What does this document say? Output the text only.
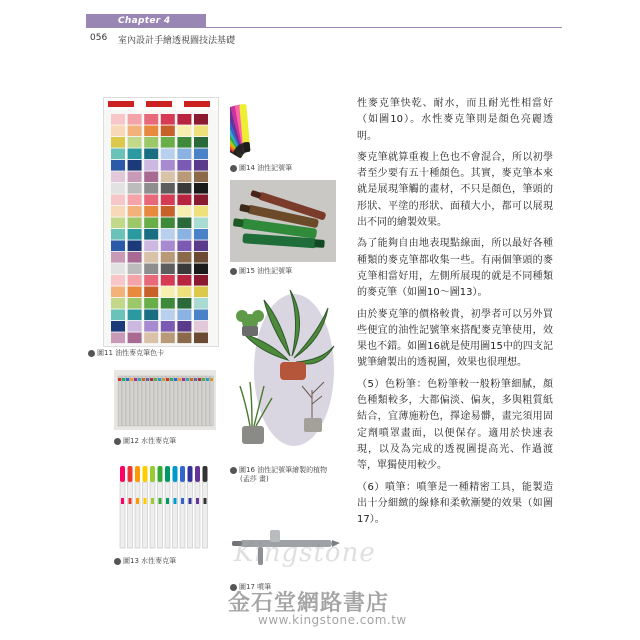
Chapter 4
056 室內設計手繪透視圖技法基礎
圖11 油性麥克筆色卡
圖12 水性麥克筆
圖13 水性麥克筆
圖14 油性記號筆
圖15 油性記號筆
圖16 油性記號筆繪製的植物
(孟莎 畫)
圖17 噴筆

性麥克筆快乾、耐水，而且耐光性相當好（如圖10）。水性麥克筆則是顏色亮麗透明。

麥克筆就算重複上色也不會混合，所以初學者至少要有五十種顏色。其實，麥克筆本來就是展現筆觸的畫材，不只是顏色，筆頭的形狀、平塗的形狀、面積大小，都可以展現出不同的繪製效果。

為了能夠自由地表現點線面，所以最好各種種類的麥克筆都收集一些。有兩個筆頭的麥克筆相當好用，左側所展現的就是不同種類的麥克筆（如圖10～圖13）。

由於麥克筆的價格較貴，初學者可以另外買些便宜的油性記號筆來搭配麥克筆使用，效果也不錯。如圖16就是使用圖15中的四支記號筆繪製出的透視圖，效果也很理想。

（5）色粉筆：色粉筆較一般粉筆細膩，顏色種類較多，大都偏淡、偏灰，多與粗質紙結合，宜薄施粉色，擇途易髒，畫完須用固定劑噴罩畫面，以便保存。適用於快速表現，以及為完成的透視圖提高光、作過渡等，單獨使用較少。

（6）噴筆：噴筆是一種精密工具，能製造出十分細緻的線條和柔軟漸變的效果（如圖17）。

Kingstone
金石堂網路書店
www.kingstone.com.tw
